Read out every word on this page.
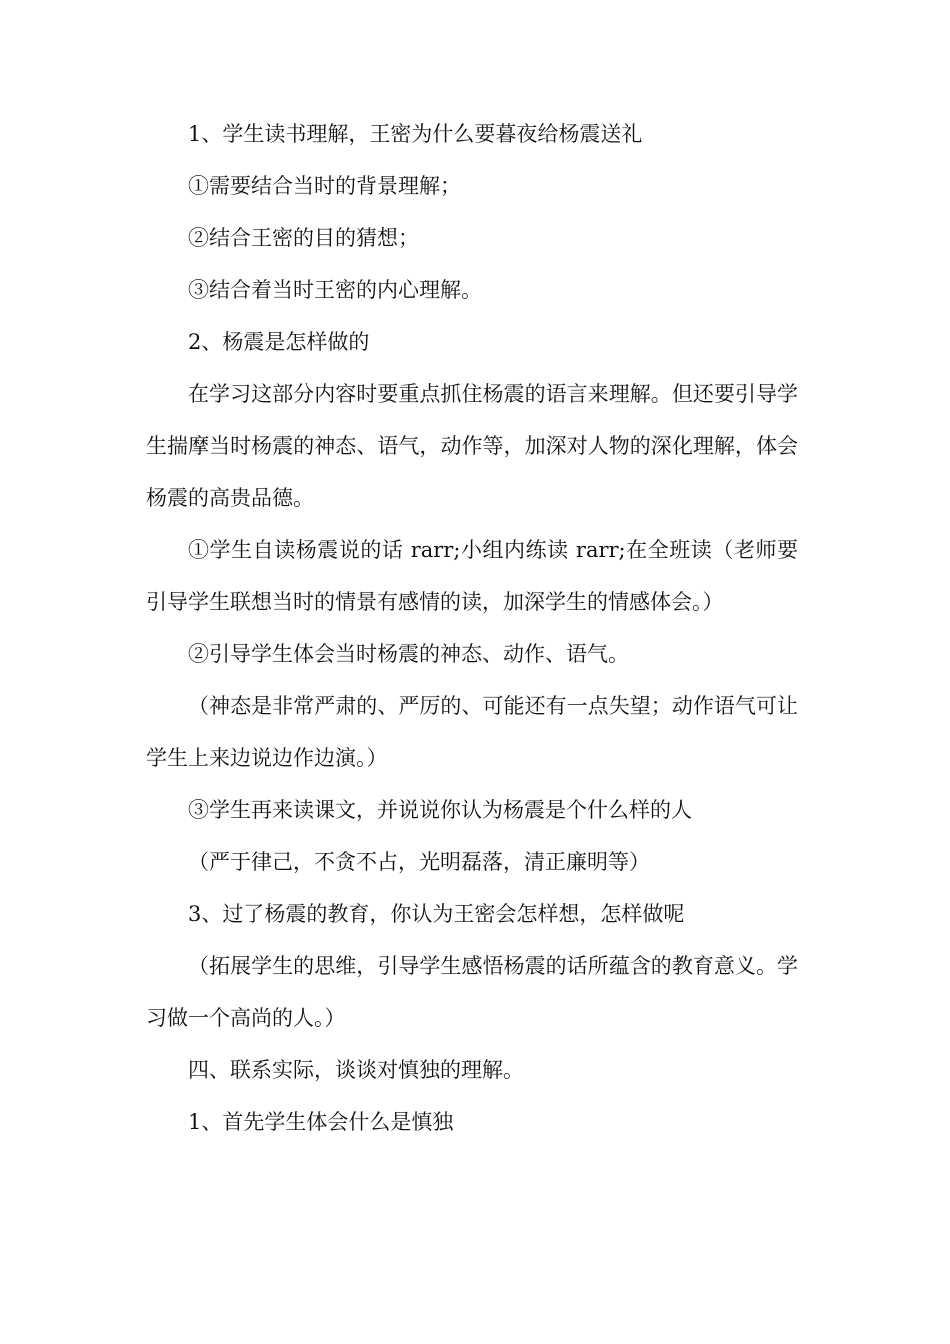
1、学生读书理解，王密为什么要暮夜给杨震送礼

①需要结合当时的背景理解；

②结合王密的目的猜想；

③结合着当时王密的内心理解。

2、杨震是怎样做的

在学习这部分内容时要重点抓住杨震的语言来理解。但还要引导学生揣摩当时杨震的神态、语气，动作等，加深对人物的深化理解，体会杨震的高贵品德。

①学生自读杨震说的话 rarr;小组内练读 rarr;在全班读（老师要引导学生联想当时的情景有感情的读，加深学生的情感体会。）

②引导学生体会当时杨震的神态、动作、语气。

（神态是非常严肃的、严厉的、可能还有一点失望；动作语气可让学生上来边说边作边演。）

③学生再来读课文，并说说你认为杨震是个什么样的人

（严于律己，不贪不占，光明磊落，清正廉明等）

3、过了杨震的教育，你认为王密会怎样想，怎样做呢

（拓展学生的思维，引导学生感悟杨震的话所蕴含的教育意义。学习做一个高尚的人。）

四、联系实际，谈谈对慎独的理解。

1、首先学生体会什么是慎独
